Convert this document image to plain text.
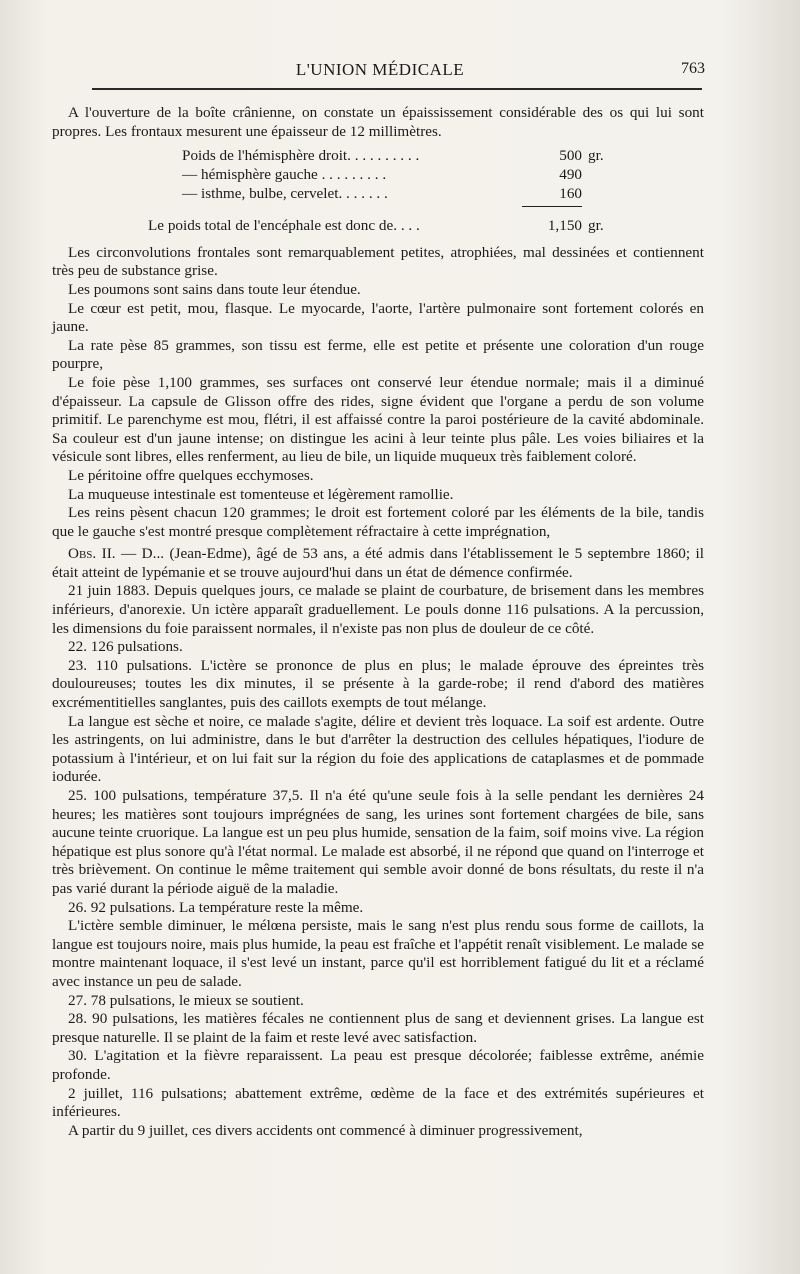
L'UNION MÉDICALE	763

A l'ouverture de la boîte crânienne, on constate un épaississement considérable des os qui lui sont propres. Les frontaux mesurent une épaisseur de 12 millimètres.

Poids de l'hémisphère droit. . . . . . . . . .	500 gr.
— hémisphère gauche . . . . . . . . .	490
— isthme, bulbe, cervelet. . . . . . .	160
Le poids total de l'encéphale est donc de. . . .	1,150 gr.

Les circonvolutions frontales sont remarquablement petites, atrophiées, mal dessinées et contiennent très peu de substance grise.

Les poumons sont sains dans toute leur étendue.

Le cœur est petit, mou, flasque. Le myocarde, l'aorte, l'artère pulmonaire sont fortement colorés en jaune.

La rate pèse 85 grammes, son tissu est ferme, elle est petite et présente une coloration d'un rouge pourpre,

Le foie pèse 1,100 grammes, ses surfaces ont conservé leur étendue normale; mais il a diminué d'épaisseur. La capsule de Glisson offre des rides, signe évident que l'organe a perdu de son volume primitif. Le parenchyme est mou, flétri, il est affaissé contre la paroi postérieure de la cavité abdominale. Sa couleur est d'un jaune intense; on distingue les acini à leur teinte plus pâle. Les voies biliaires et la vésicule sont libres, elles renferment, au lieu de bile, un liquide muqueux très faiblement coloré.

Le péritoine offre quelques ecchymoses.

La muqueuse intestinale est tomenteuse et légèrement ramollie.

Les reins pèsent chacun 120 grammes; le droit est fortement coloré par les éléments de la bile, tandis que le gauche s'est montré presque complètement réfractaire à cette imprégnation,

Obs. II. — D... (Jean-Edme), âgé de 53 ans, a été admis dans l'établissement le 5 septembre 1860; il était atteint de lypémanie et se trouve aujourd'hui dans un état de démence confirmée.

21 juin 1883. Depuis quelques jours, ce malade se plaint de courbature, de brisement dans les membres inférieurs, d'anorexie. Un ictère apparaît graduellement. Le pouls donne 116 pulsations. A la percussion, les dimensions du foie paraissent normales, il n'existe pas non plus de douleur de ce côté.

22. 126 pulsations.

23. 110 pulsations. L'ictère se prononce de plus en plus; le malade éprouve des épreintes très douloureuses; toutes les dix minutes, il se présente à la garde-robe; il rend d'abord des matières excrémentitielles sanglantes, puis des caillots exempts de tout mélange.

La langue est sèche et noire, ce malade s'agite, délire et devient très loquace. La soif est ardente. Outre les astringents, on lui administre, dans le but d'arrêter la destruction des cellules hépatiques, l'iodure de potassium à l'intérieur, et on lui fait sur la région du foie des applications de cataplasmes et de pommade iodurée.

25. 100 pulsations, température 37,5. Il n'a été qu'une seule fois à la selle pendant les dernières 24 heures; les matières sont toujours imprégnées de sang, les urines sont fortement chargées de bile, sans aucune teinte cruorique. La langue est un peu plus humide, sensation de la faim, soif moins vive. La région hépatique est plus sonore qu'à l'état normal. Le malade est absorbé, il ne répond que quand on l'interroge et très brièvement. On continue le même traitement qui semble avoir donné de bons résultats, du reste il n'a pas varié durant la période aiguë de la maladie.

26. 92 pulsations. La température reste la même.

L'ictère semble diminuer, le mélœna persiste, mais le sang n'est plus rendu sous forme de caillots, la langue est toujours noire, mais plus humide, la peau est fraîche et l'appétit renaît visiblement. Le malade se montre maintenant loquace, il s'est levé un instant, parce qu'il est horriblement fatigué du lit et a réclamé avec instance un peu de salade.

27. 78 pulsations, le mieux se soutient.

28. 90 pulsations, les matières fécales ne contiennent plus de sang et deviennent grises. La langue est presque naturelle. Il se plaint de la faim et reste levé avec satisfaction.

30. L'agitation et la fièvre reparaissent. La peau est presque décolorée; faiblesse extrême, anémie profonde.

2 juillet, 116 pulsations; abattement extrême, œdème de la face et des extrémités supérieures et inférieures.

A partir du 9 juillet, ces divers accidents ont commencé à diminuer progressivement,
